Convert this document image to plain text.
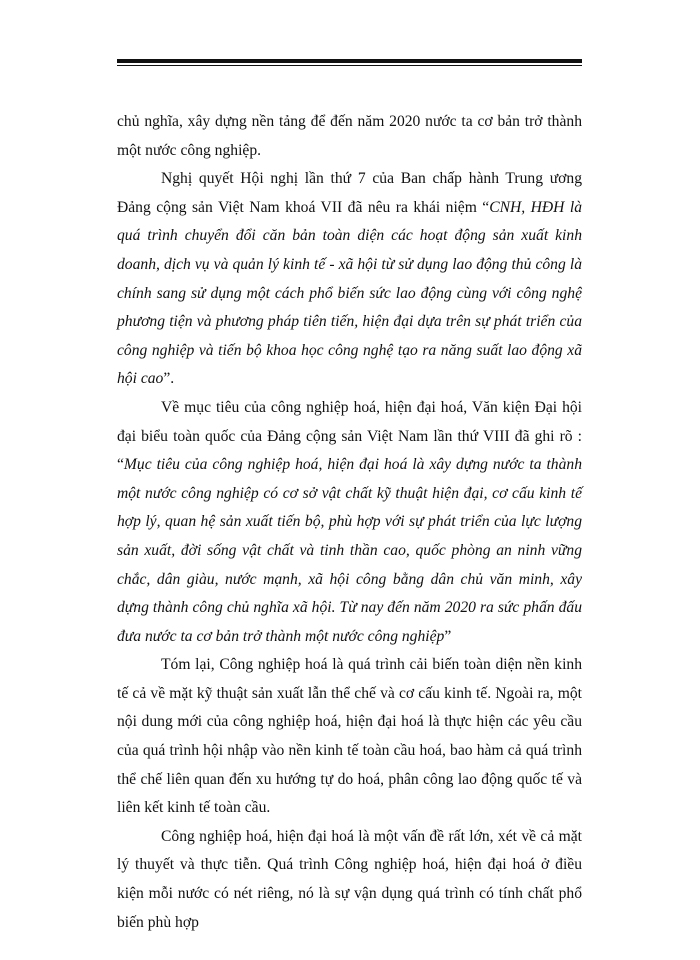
chủ nghĩa, xây dựng nền tảng để đến năm 2020 nước ta cơ bản trở thành một nước công nghiệp.

Nghị quyết Hội nghị lần thứ 7 của Ban chấp hành Trung ương Đảng cộng sản Việt Nam khoá VII đã nêu ra khái niệm “CNH, HĐH là quá trình chuyển đổi căn bản toàn diện các hoạt động sản xuất kinh doanh, dịch vụ và quản lý kinh tế - xã hội từ sử dụng lao động thủ công là chính sang sử dụng một cách phổ biến sức lao động cùng với công nghệ phương tiện và phương pháp tiên tiến, hiện đại dựa trên sự phát triển của công nghiệp và tiến bộ khoa học công nghệ tạo ra năng suất lao động xã hội cao”.

Về mục tiêu của công nghiệp hoá, hiện đại hoá, Văn kiện Đại hội đại biểu toàn quốc của Đảng cộng sản Việt Nam lần thứ VIII đã ghi rõ : “Mục tiêu của công nghiệp hoá, hiện đại hoá là xây dựng nước ta thành một nước công nghiệp có cơ sở vật chất kỹ thuật hiện đại, cơ cấu kinh tế hợp lý, quan hệ sản xuất tiến bộ, phù hợp với sự phát triển của lực lượng sản xuất, đời sống vật chất và tinh thần cao, quốc phòng an ninh vững chắc, dân giàu, nước mạnh, xã hội công bằng dân chủ văn minh, xây dựng thành công chủ nghĩa xã hội. Từ nay đến năm 2020 ra sức phấn đấu đưa nước ta cơ bản trở thành một nước công nghiệp”

Tóm lại, Công nghiệp hoá là quá trình cải biến toàn diện nền kinh tế cả về mặt kỹ thuật sản xuất lẫn thể chế và cơ cấu kinh tế. Ngoài ra, một nội dung mới của công nghiệp hoá, hiện đại hoá là thực hiện các yêu cầu của quá trình hội nhập vào nền kinh tế toàn cầu hoá, bao hàm cả quá trình thể chế liên quan đến xu hướng tự do hoá, phân công lao động quốc tế và liên kết kinh tế toàn cầu.

Công nghiệp hoá, hiện đại hoá là một vấn đề rất lớn, xét về cả mặt lý thuyết và thực tiễn. Quá trình Công nghiệp hoá, hiện đại hoá ở điều kiện mỗi nước có nét riêng, nó là sự vận dụng quá trình có tính chất phổ biến phù hợp
